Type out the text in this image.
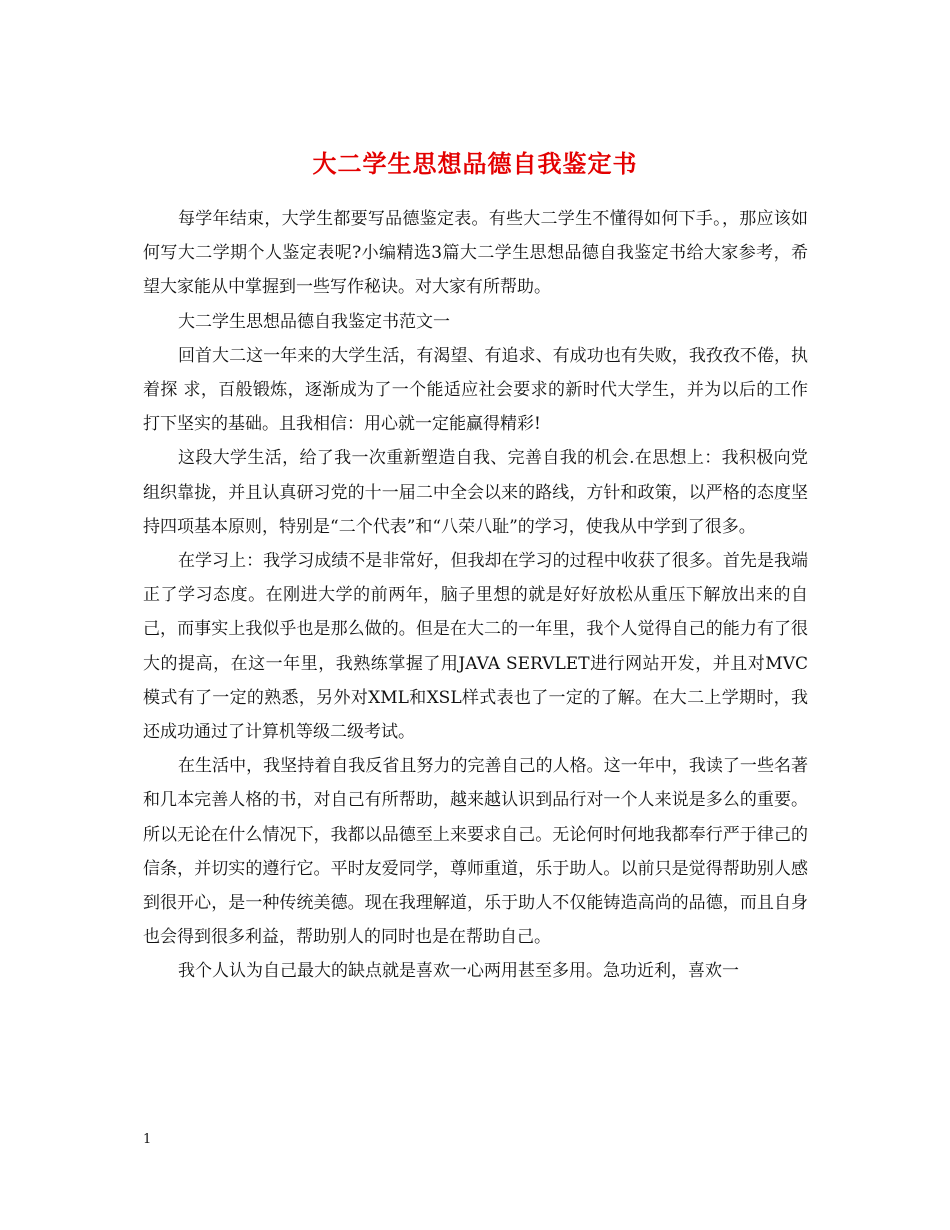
大二学生思想品德自我鉴定书

每学年结束，大学生都要写品德鉴定表。有些大二学生不懂得如何下手。，那应该如何写大二学期个人鉴定表呢?小编精选3篇大二学生思想品德自我鉴定书给大家参考，希望大家能从中掌握到一些写作秘诀。对大家有所帮助。

大二学生思想品德自我鉴定书范文一

回首大二这一年来的大学生活，有渴望、有追求、有成功也有失败，我孜孜不倦，执着探 求，百般锻炼，逐渐成为了一个能适应社会要求的新时代大学生，并为以后的工作打下坚实的基础。且我相信：用心就一定能赢得精彩!

这段大学生活，给了我一次重新塑造自我、完善自我的机会.在思想上：我积极向党组织靠拢，并且认真研习党的十一届二中全会以来的路线，方针和政策，以严格的态度坚持四项基本原则，特别是“二个代表”和“八荣八耻”的学习，使我从中学到了很多。

在学习上：我学习成绩不是非常好，但我却在学习的过程中收获了很多。首先是我端正了学习态度。在刚进大学的前两年，脑子里想的就是好好放松从重压下解放出来的自己，而事实上我似乎也是那么做的。但是在大二的一年里，我个人觉得自己的能力有了很大的提高，在这一年里，我熟练掌握了用JAVA SERVLET进行网站开发，并且对MVC模式有了一定的熟悉，另外对XML和XSL样式表也了一定的了解。在大二上学期时，我还成功通过了计算机等级二级考试。

在生活中，我坚持着自我反省且努力的完善自己的人格。这一年中，我读了一些名著和几本完善人格的书，对自己有所帮助，越来越认识到品行对一个人来说是多么的重要。所以无论在什么情况下，我都以品德至上来要求自己。无论何时何地我都奉行严于律己的信条，并切实的遵行它。平时友爱同学，尊师重道，乐于助人。以前只是觉得帮助别人感到很开心，是一种传统美德。现在我理解道，乐于助人不仅能铸造高尚的品德，而且自身也会得到很多利益，帮助别人的同时也是在帮助自己。

我个人认为自己最大的缺点就是喜欢一心两用甚至多用。急功近利，喜欢一

1
